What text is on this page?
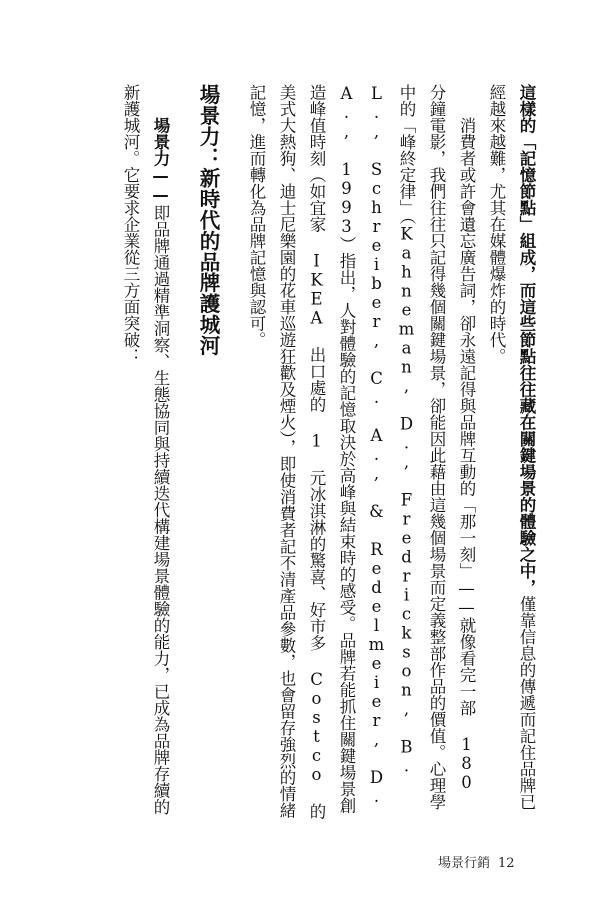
這樣的「記憶節點」組成，而這些節點往往藏在關鍵場景的體驗之中，僅靠信息的傳遞而記住品牌已經越來越難，尤其在媒體爆炸的時代。

消費者或許會遺忘廣告詞，卻永遠記得與品牌互動的「那一刻」——就像看完一部 180 分鐘電影，我們往往只記得幾個關鍵場景，卻能因此藉由這幾個場景而定義整部作品的價值。心理學中的「峰終定律」（Kahneman, D., Fredrickson, B. L., Schreiber, C. A., & Redelmeier, D. A., 1993）指出，人對體驗的記憶取決於高峰與結束時的感受。品牌若能抓住關鍵場景創造峰值時刻（如宜家 IKEA 出口處的 1 元冰淇淋的驚喜、好市多 Costco 的美式大熱狗、迪士尼樂園的花車巡遊狂歡及煙火），即使消費者記不清產品參數，也會留存強烈的情緒記憶，進而轉化為品牌記憶與認可。

場景力：新時代的品牌護城河

場景力——即品牌通過精準洞察、生態協同與持續迭代構建場景體驗的能力，已成為品牌存續的新護城河。它要求企業從三方面突破：

場景行銷 12
